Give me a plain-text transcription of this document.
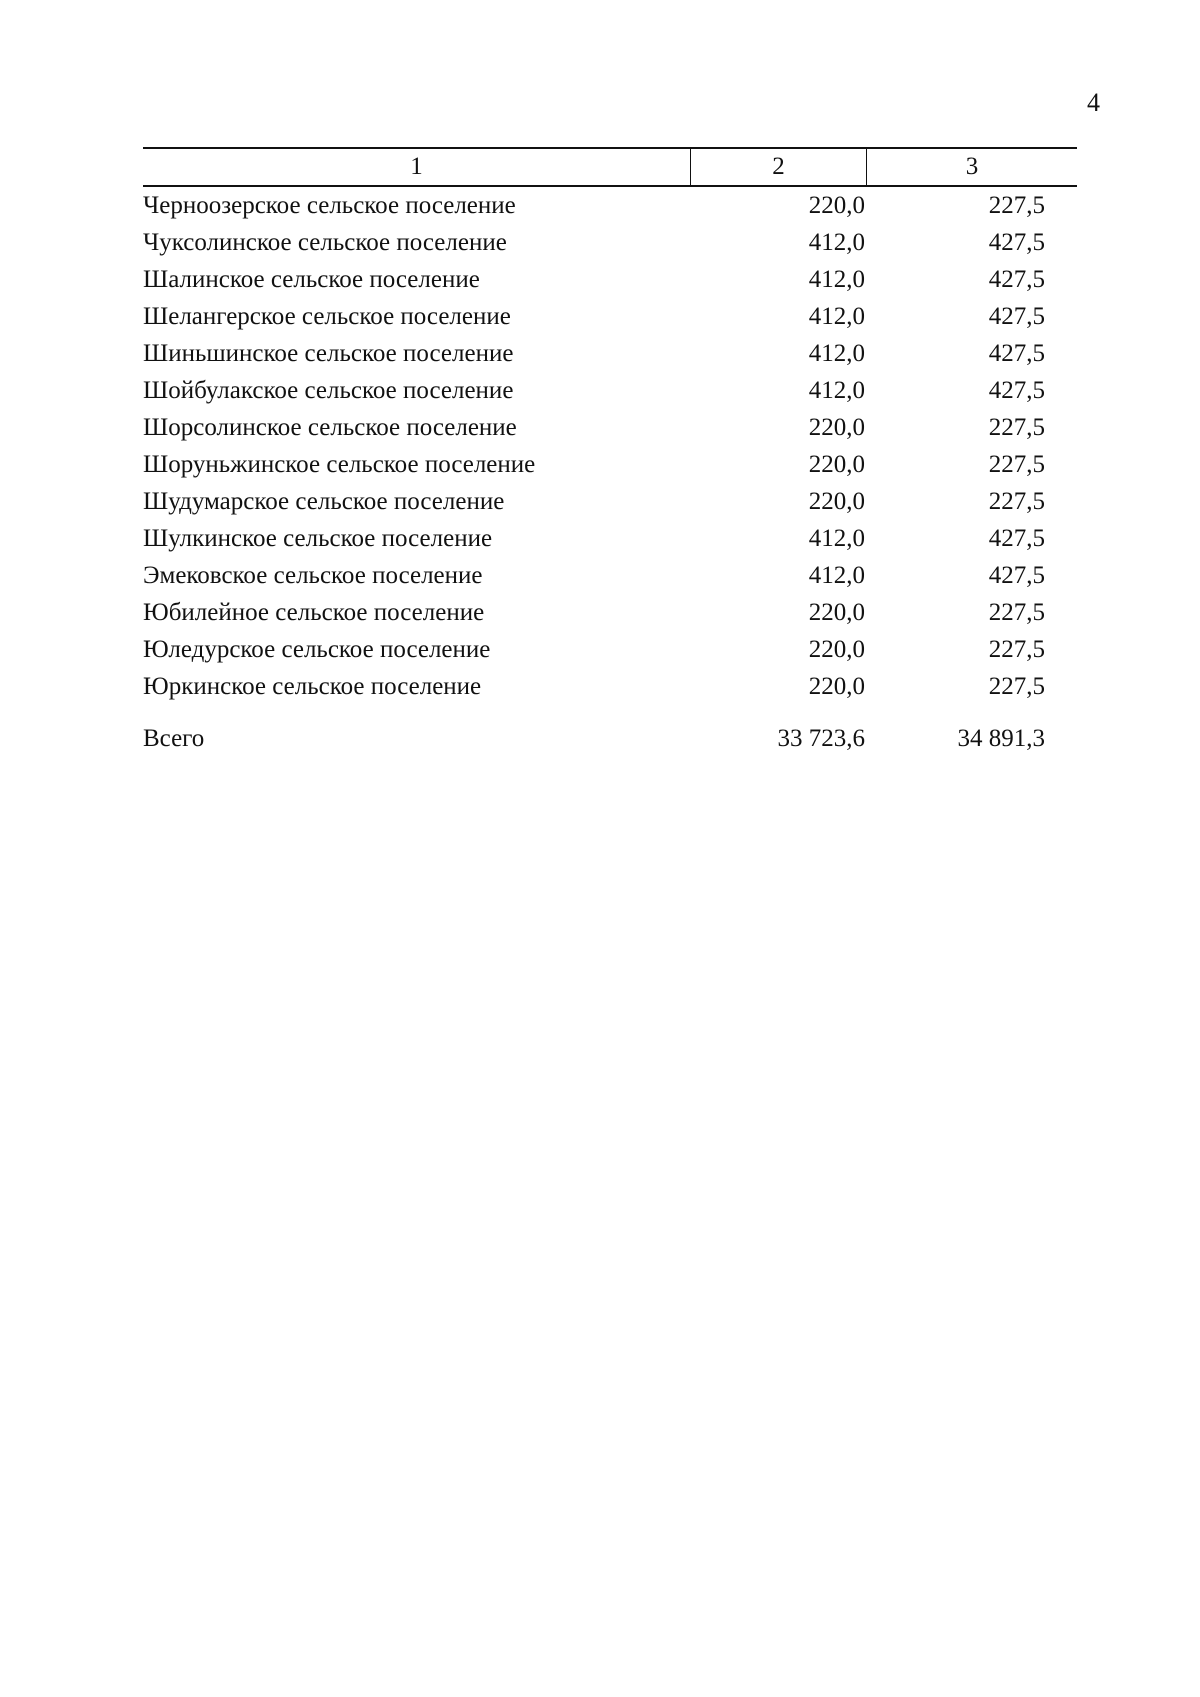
4
1	2	3
Черноозерское сельское поселение	220,0	227,5
Чуксолинское сельское поселение	412,0	427,5
Шалинское сельское поселение	412,0	427,5
Шелангерское сельское поселение	412,0	427,5
Шиньшинское сельское поселение	412,0	427,5
Шойбулакское сельское поселение	412,0	427,5
Шорсолинское сельское поселение	220,0	227,5
Шоруньжинское сельское поселение	220,0	227,5
Шудумарское сельское поселение	220,0	227,5
Шулкинское сельское поселение	412,0	427,5
Эмековское сельское поселение	412,0	427,5
Юбилейное сельское поселение	220,0	227,5
Юледурское сельское поселение	220,0	227,5
Юркинское сельское поселение	220,0	227,5
Всего	33 723,6	34 891,3
